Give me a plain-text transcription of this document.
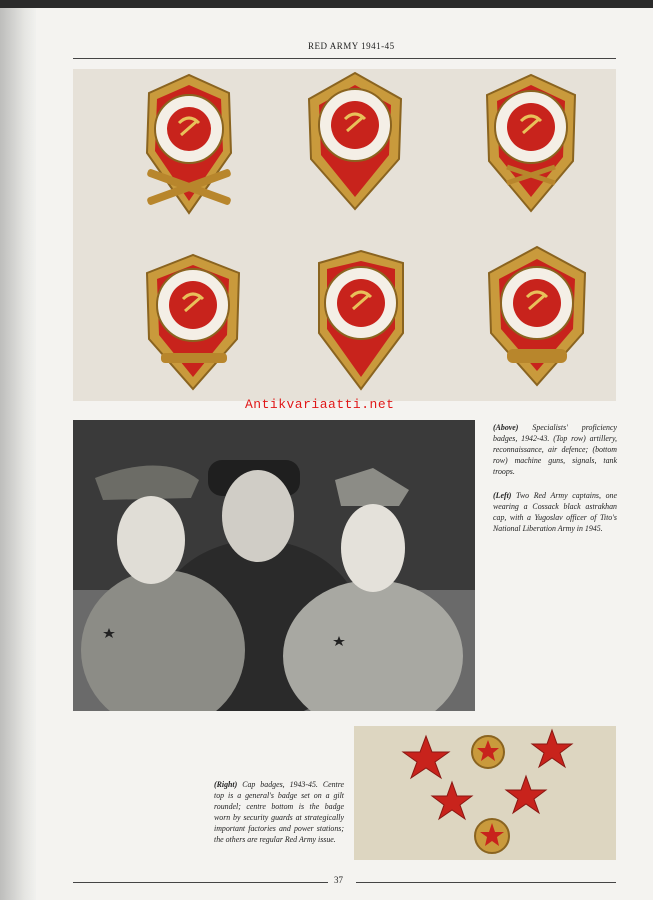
RED ARMY 1941-45
Antikvariaatti.net
(Above) Specialists' proficiency badges, 1942-43. (Top row) artillery, reconnaissance, air defence; (bottom row) machine guns, signals, tank troops.
(Left) Two Red Army captains, one wearing a Cossack black astrakhan cap, with a Yugoslav officer of Tito's National Liberation Army in 1945.
(Right) Cap badges, 1943-45. Centre top is a general's badge set on a gilt roundel; centre bottom is the badge worn by security guards at strategically important factories and power stations; the others are regular Red Army issue.
37
